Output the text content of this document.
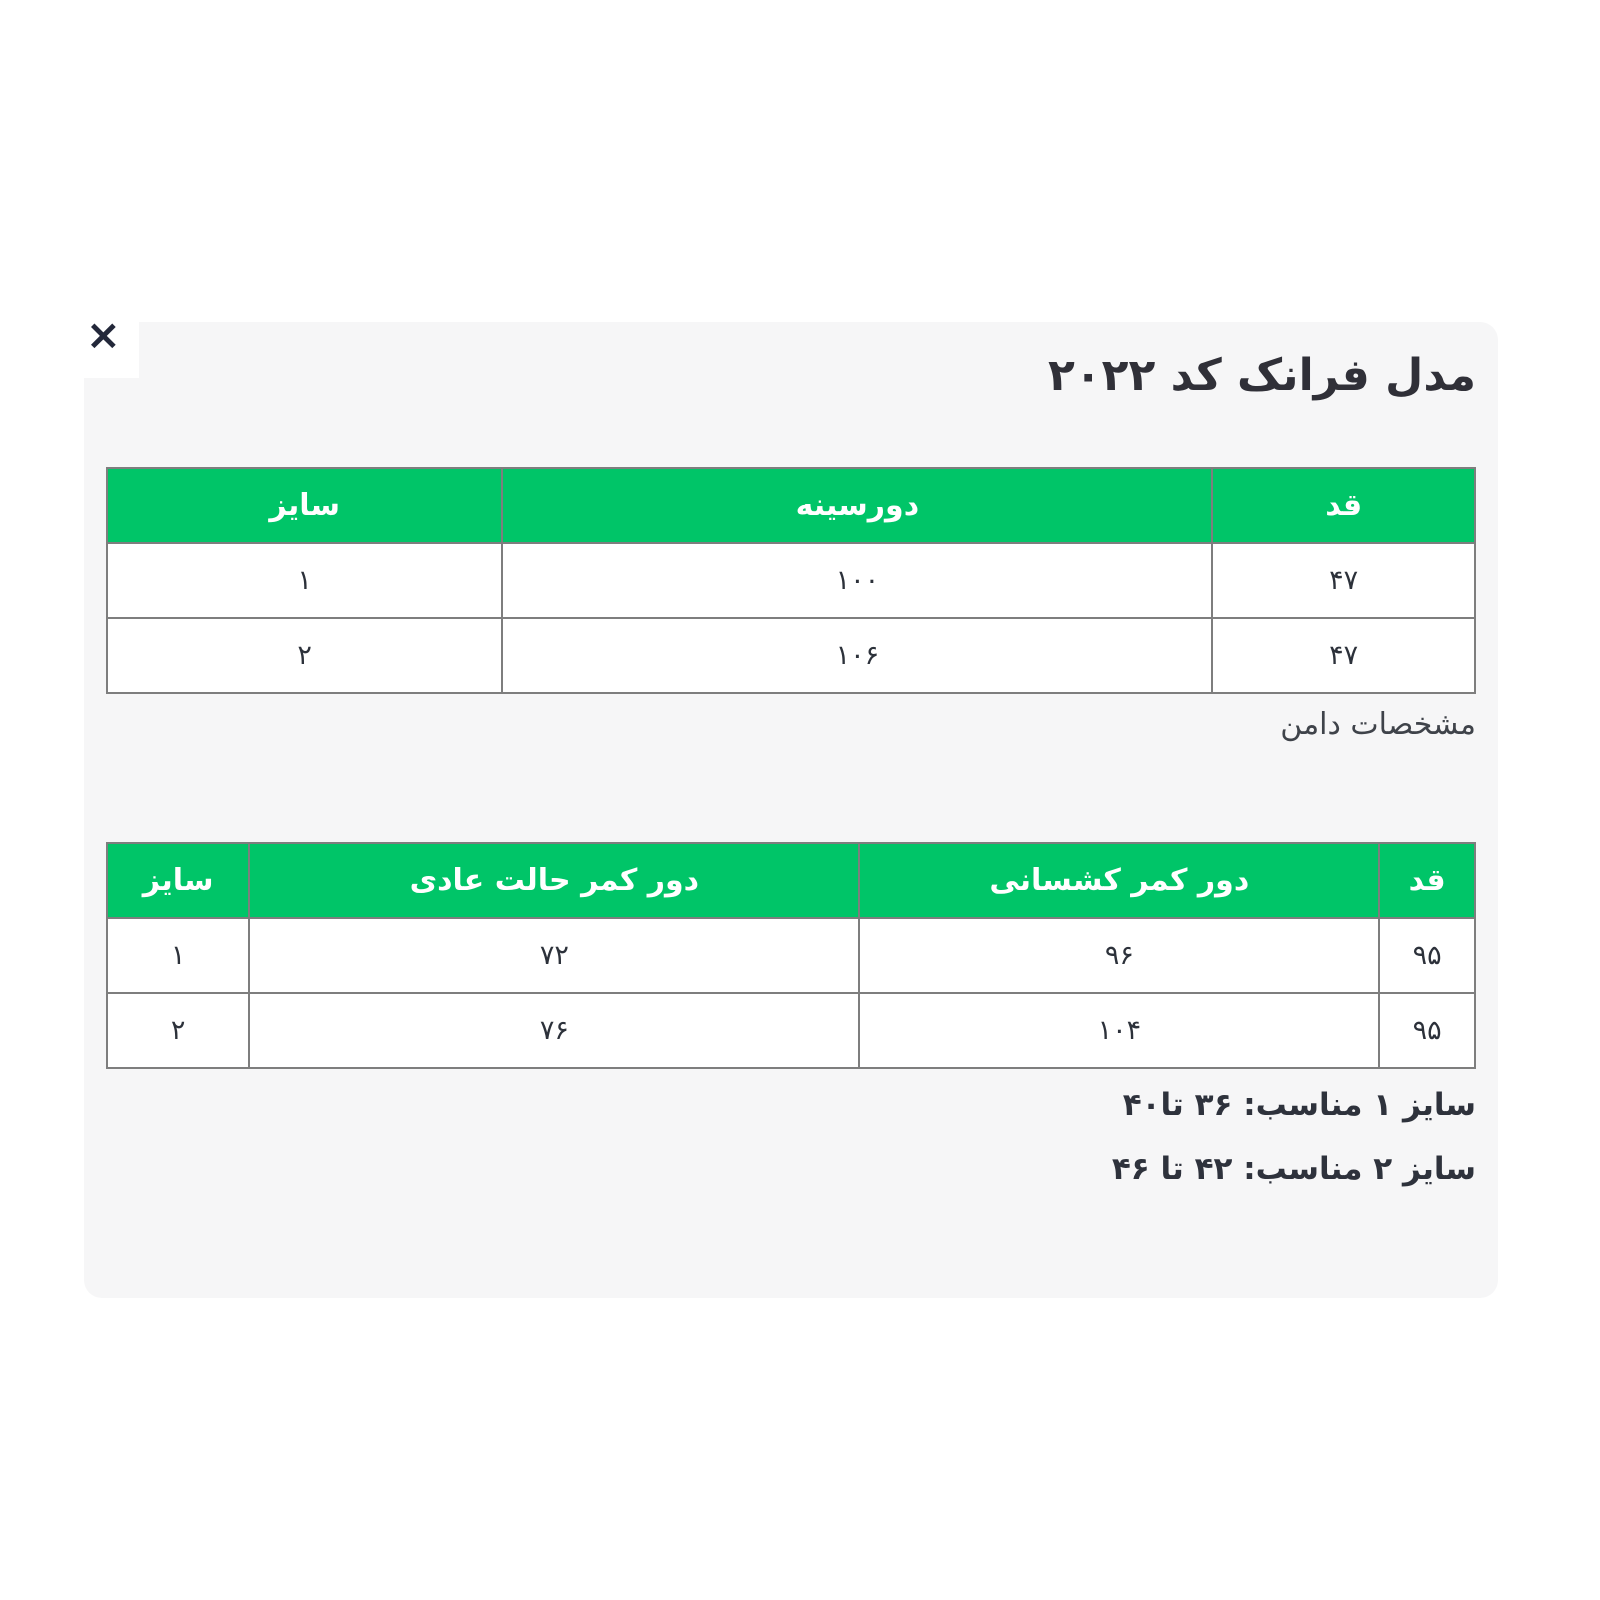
×
مدل فرانک کد ۲۰۲۲
قد	دورسینه	سایز
۴۷	۱۰۰	۱
۴۷	۱۰۶	۲
مشخصات دامن
قد	دور کمر کشسانی	دور کمر حالت عادی	سایز
۹۵	۹۶	۷۲	۱
۹۵	۱۰۴	۷۶	۲
سایز ۱ مناسب: ۳۶ تا۴۰
سایز ۲ مناسب: ۴۲ تا ۴۶
